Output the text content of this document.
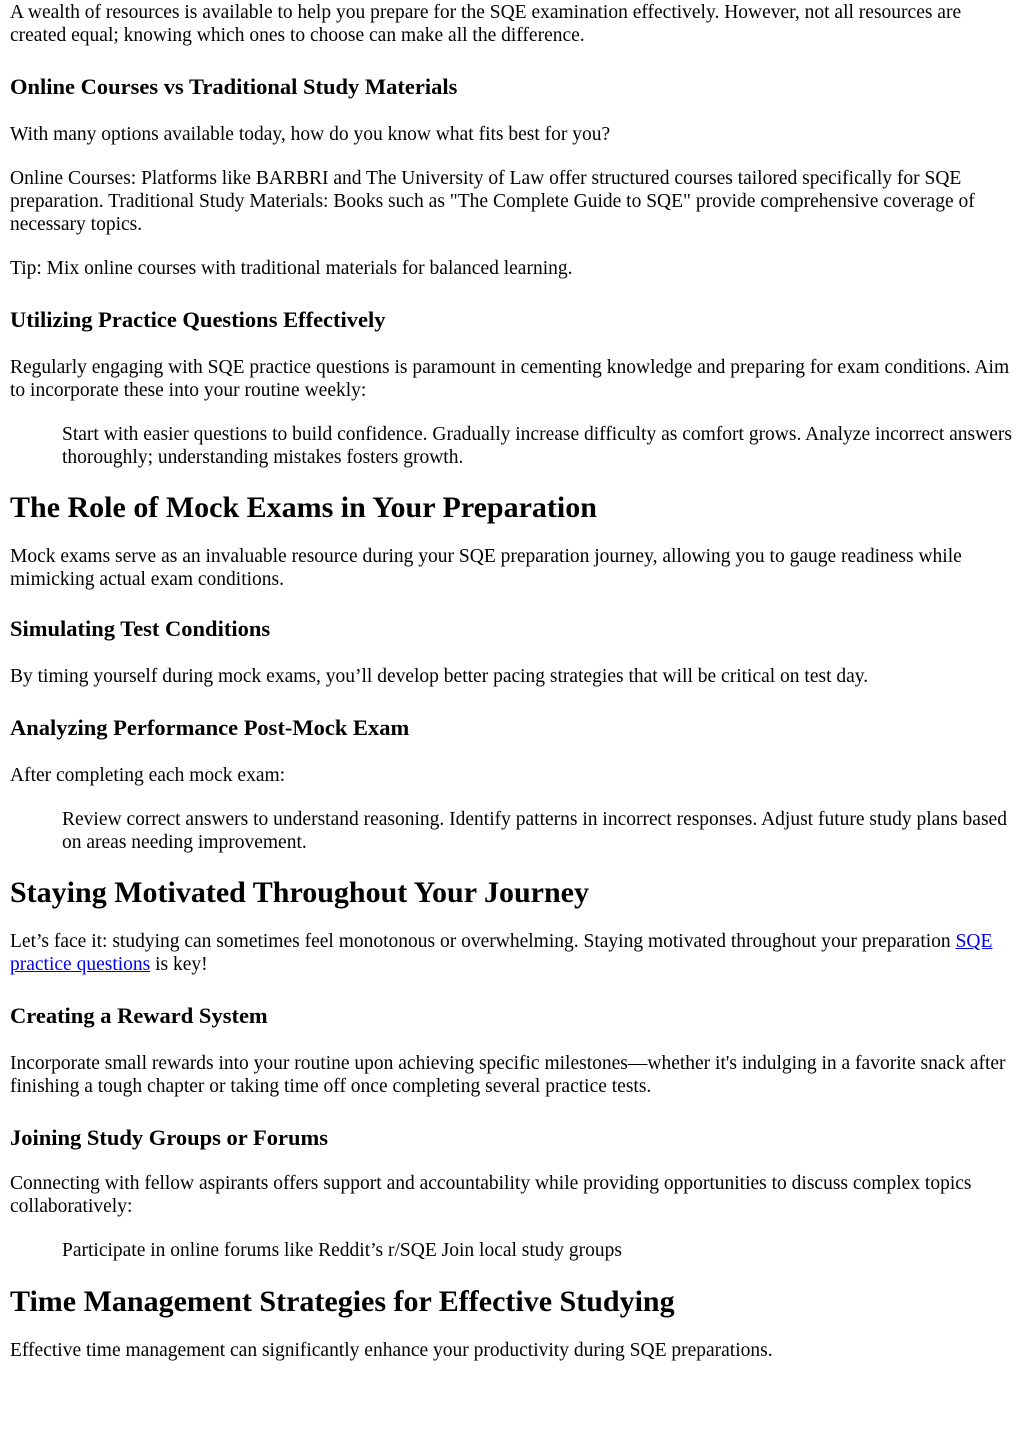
A wealth of resources is available to help you prepare for the SQE examination effectively. However, not all resources are created equal; knowing which ones to choose can make all the difference.

Online Courses vs Traditional Study Materials

With many options available today, how do you know what fits best for you?

Online Courses: Platforms like BARBRI and The University of Law offer structured courses tailored specifically for SQE preparation. Traditional Study Materials: Books such as "The Complete Guide to SQE" provide comprehensive coverage of necessary topics.

Tip: Mix online courses with traditional materials for balanced learning.

Utilizing Practice Questions Effectively

Regularly engaging with SQE practice questions is paramount in cementing knowledge and preparing for exam conditions. Aim to incorporate these into your routine weekly:

Start with easier questions to build confidence. Gradually increase difficulty as comfort grows. Analyze incorrect answers thoroughly; understanding mistakes fosters growth.
The Role of Mock Exams in Your Preparation

Mock exams serve as an invaluable resource during your SQE preparation journey, allowing you to gauge readiness while mimicking actual exam conditions.

Simulating Test Conditions

By timing yourself during mock exams, you’ll develop better pacing strategies that will be critical on test day.

Analyzing Performance Post-Mock Exam

After completing each mock exam:

Review correct answers to understand reasoning. Identify patterns in incorrect responses. Adjust future study plans based on areas needing improvement.
Staying Motivated Throughout Your Journey

Let’s face it: studying can sometimes feel monotonous or overwhelming. Staying motivated throughout your preparation SQE practice questions is key!

Creating a Reward System

Incorporate small rewards into your routine upon achieving specific milestones—whether it's indulging in a favorite snack after finishing a tough chapter or taking time off once completing several practice tests.

Joining Study Groups or Forums

Connecting with fellow aspirants offers support and accountability while providing opportunities to discuss complex topics collaboratively:

Participate in online forums like Reddit’s r/SQE Join local study groups
Time Management Strategies for Effective Studying

Effective time management can significantly enhance your productivity during SQE preparations.
